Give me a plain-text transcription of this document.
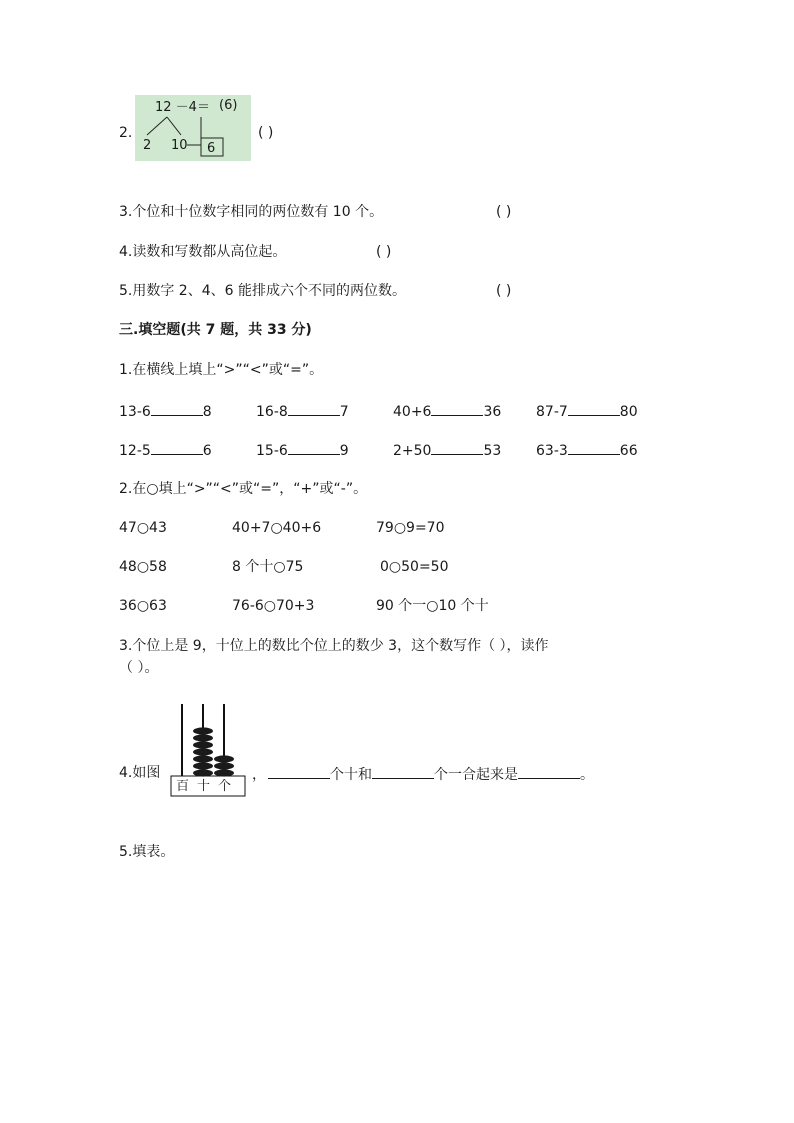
2.
12 －4＝ (6)
2 10 6
( )
3.个位和十位数字相同的两位数有 10 个。	( )
4.读数和写数都从高位起。	( )
5.用数字 2、4、6 能排成六个不同的两位数。	( )
三.填空题(共 7 题，共 33 分)
1.在横线上填上“>”“<”或“=”。
13-6	8	16-8	7	40+6	36 87-7	80
12-5	6	15-6	9	2+50	53 63-3	66
2.在○填上“>”“<”或“=”，“+”或“-”。
47○43	40+7○40+6	79○9=70
48○58	8 个十○75	0○50=50
36○63	76-6○70+3	90 个一○10 个十
3.个位上是 9，十位上的数比个位上的数少 3，这个数写作（ ），读作
（ ）。
4.如图
百 十 个
，	个十和	个一合起来是	。
5.填表。
